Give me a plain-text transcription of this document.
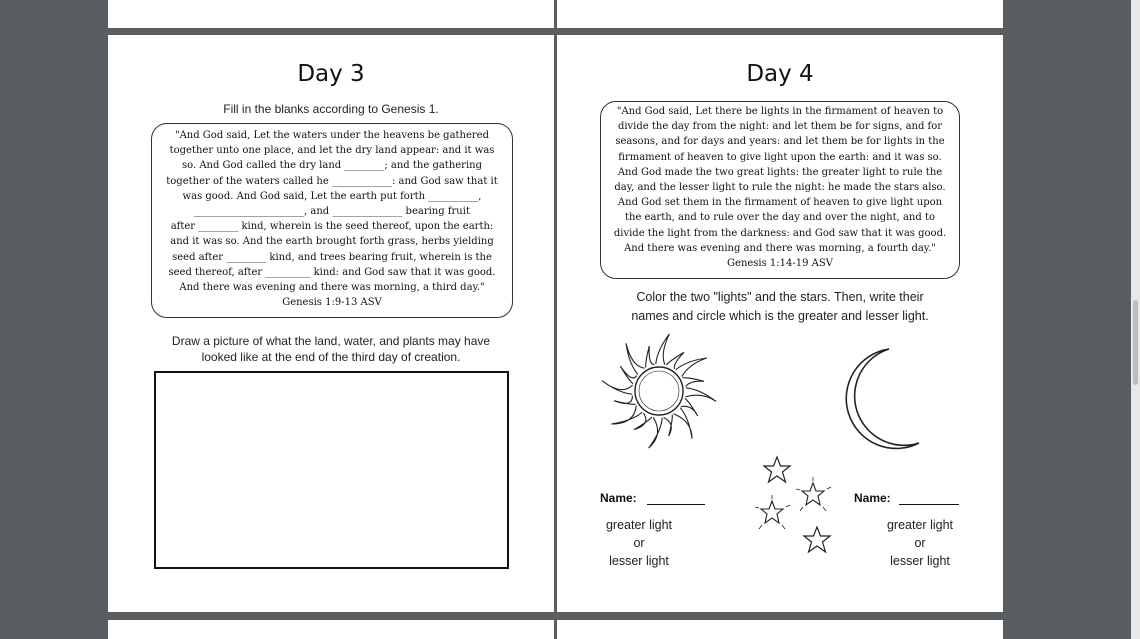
Day 3
Fill in the blanks according to Genesis 1.
"And God said, Let the waters under the heavens be gathered
together unto one place, and let the dry land appear: and it was
so. And God called the dry land ________; and the gathering
together of the waters called he ____________: and God saw that it
was good. And God said, Let the earth put forth __________,
______________________, and ______________ bearing fruit
after ________ kind, wherein is the seed thereof, upon the earth:
and it was so. And the earth brought forth grass, herbs yielding
seed after ________ kind, and trees bearing fruit, wherein is the
seed thereof, after _________ kind: and God saw that it was good.
And there was evening and there was morning, a third day."
Genesis 1:9-13 ASV
Draw a picture of what the land, water, and plants may have
looked like at the end of the third day of creation.
Day 4
"And God said, Let there be lights in the firmament of heaven to
divide the day from the night: and let them be for signs, and for
seasons, and for days and years: and let them be for lights in the
firmament of heaven to give light upon the earth: and it was so.
And God made the two great lights: the greater light to rule the
day, and the lesser light to rule the night: he made the stars also.
And God set them in the firmament of heaven to give light upon
the earth, and to rule over the day and over the night, and to
divide the light from the darkness: and God saw that it was good.
And there was evening and there was morning, a fourth day."
Genesis 1:14-19 ASV
Color the two "lights" and the stars. Then, write their
names and circle which is the greater and lesser light.
Name:
greater light
or
lesser light
Name:
greater light
or
lesser light
